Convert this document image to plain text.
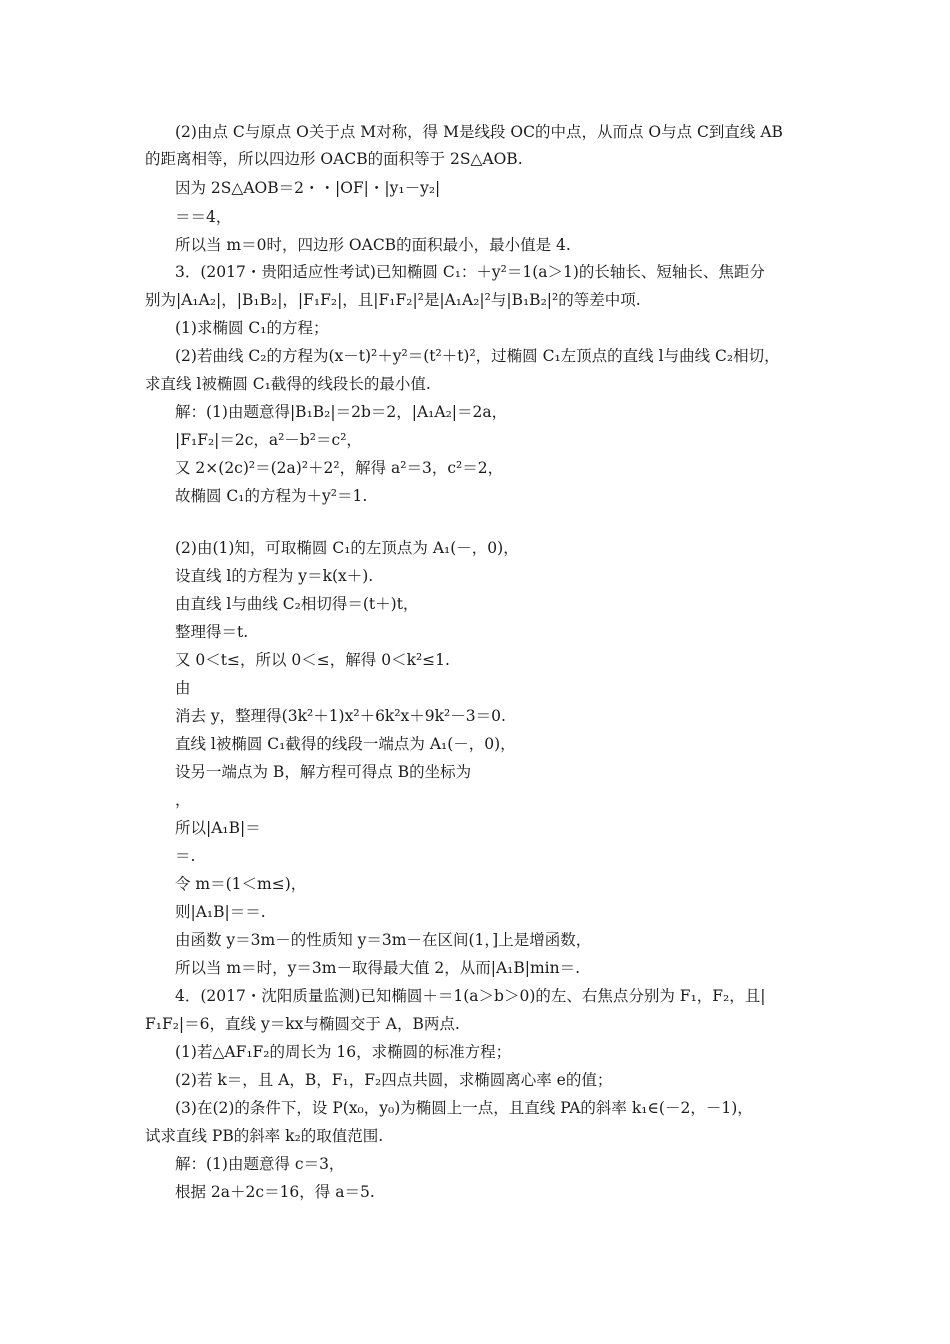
(2)由点 C与原点 O关于点 M对称，得 M是线段 OC的中点，从而点 O与点 C到直线 AB
的距离相等，所以四边形 OACB的面积等于 2S△AOB.
因为 2S△AOB＝2・・|OF|・|y₁－y₂|
＝＝4，
所以当 m＝0时，四边形 OACB的面积最小，最小值是 4.
3．(2017・贵阳适应性考试)已知椭圆 C₁：＋y²＝1(a＞1)的长轴长、短轴长、焦距分
别为|A₁A₂|，|B₁B₂|，|F₁F₂|，且|F₁F₂|²是|A₁A₂|²与|B₁B₂|²的等差中项.
(1)求椭圆 C₁的方程；
(2)若曲线 C₂的方程为(x－t)²＋y²＝(t²＋t)²，过椭圆 C₁左顶点的直线 l与曲线 C₂相切，
求直线 l被椭圆 C₁截得的线段长的最小值.
解：(1)由题意得|B₁B₂|＝2b＝2，|A₁A₂|＝2a，
|F₁F₂|＝2c，a²－b²＝c²，
又 2×(2c)²＝(2a)²＋2²，解得 a²＝3，c²＝2，
故椭圆 C₁的方程为＋y²＝1.
(2)由(1)知，可取椭圆 C₁的左顶点为 A₁(－，0)，
设直线 l的方程为 y＝k(x＋).
由直线 l与曲线 C₂相切得＝(t＋)t，
整理得＝t.
又 0＜t≤，所以 0＜≤，解得 0＜k²≤1.
由
消去 y，整理得(3k²＋1)x²＋6k²x＋9k²－3＝0.
直线 l被椭圆 C₁截得的线段一端点为 A₁(－，0)，
设另一端点为 B，解方程可得点 B的坐标为
，
所以|A₁B|＝
＝.
令 m＝(1＜m≤)，
则|A₁B|＝＝.
由函数 y＝3m－的性质知 y＝3m－在区间(1，]上是增函数，
所以当 m＝时，y＝3m－取得最大值 2，从而|A₁B|min＝.
4．(2017・沈阳质量监测)已知椭圆＋＝1(a＞b＞0)的左、右焦点分别为 F₁，F₂，且|
F₁F₂|＝6，直线 y＝kx与椭圆交于 A，B两点.
(1)若△AF₁F₂的周长为 16，求椭圆的标准方程；
(2)若 k＝，且 A，B，F₁，F₂四点共圆，求椭圆离心率 e的值；
(3)在(2)的条件下，设 P(x₀，y₀)为椭圆上一点，且直线 PA的斜率 k₁∈(－2，－1)，
试求直线 PB的斜率 k₂的取值范围.
解：(1)由题意得 c＝3，
根据 2a＋2c＝16，得 a＝5.
